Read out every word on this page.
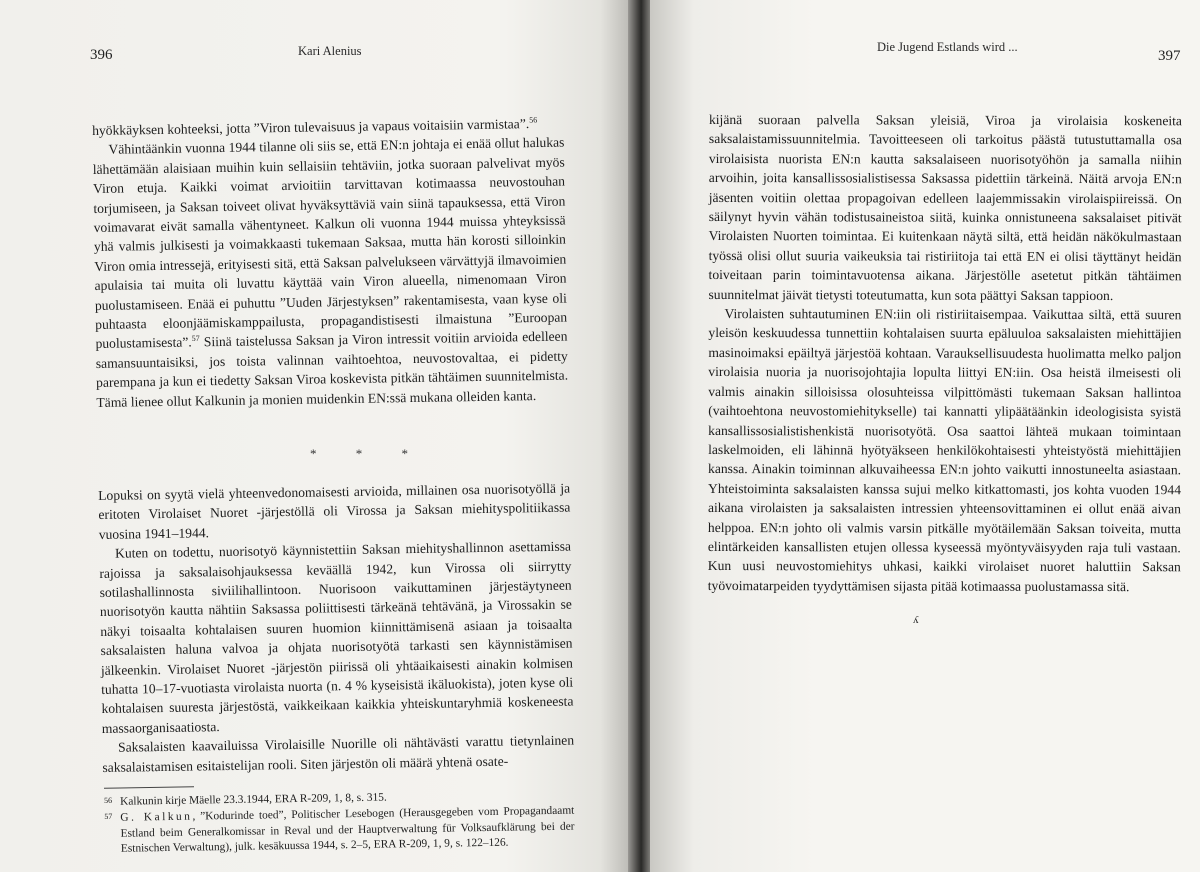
396	Kari Alenius

hyökkäyksen kohteeksi, jotta ”Viron tulevaisuus ja vapaus voitaisiin varmistaa”.$^{56}$

Vähintäänkin vuonna 1944 tilanne oli siis se, että EN:n johtaja ei enää ollut halukas lähettämään alaisiaan muihin kuin sellaisiin tehtäviin, jotka suoraan palvelivat myös Viron etuja. Kaikki voimat arvioitiin tarvittavan kotimaassa neuvostouhan torjumiseen, ja Saksan toiveet olivat hyväksyttäviä vain siinä tapauksessa, että Viron voimavarat eivät samalla vähentyneet. Kalkun oli vuonna 1944 muissa yhteyksissä yhä valmis julkisesti ja voimakkaasti tukemaan Saksaa, mutta hän korosti silloinkin Viron omia intressejä, erityisesti sitä, että Saksan palvelukseen värvättyjä ilmavoimien apulaisia tai muita oli luvattu käyttää vain Viron alueella, nimenomaan Viron puolustamiseen. Enää ei puhuttu ”Uuden Järjestyksen” rakentamisesta, vaan kyse oli puhtaasta eloonjäämiskamppailusta, propagandistisesti ilmaistuna ”Euroopan puolustamisesta”.$^{57}$ Siinä taistelussa Saksan ja Viron intressit voitiin arvioida edelleen samansuuntaisiksi, jos toista valinnan vaihtoehtoa, neuvostovaltaa, ei pidetty parempana ja kun ei tiedetty Saksan Viroa koskevista pitkän tähtäimen suunnitelmista. Tämä lienee ollut Kalkunin ja monien muidenkin EN:ssä mukana olleiden kanta.

* * *

Lopuksi on syytä vielä yhteenvedonomaisesti arvioida, millainen osa nuorisotyöllä ja eritoten Virolaiset Nuoret -järjestöllä oli Virossa ja Saksan miehityspolitiikassa vuosina 1941–1944.

Kuten on todettu, nuorisotyö käynnistettiin Saksan miehityshallinnon asettamissa rajoissa ja saksalaisohjauksessa keväällä 1942, kun Virossa oli siirrytty sotilashallinnosta siviilihallintoon. Nuorisoon vaikuttaminen järjestäytyneen nuorisotyön kautta nähtiin Saksassa poliittisesti tärkeänä tehtävänä, ja Virossakin se näkyi toisaalta kohtalaisen suuren huomion kiinnittämisenä asiaan ja toisaalta saksalaisten haluna valvoa ja ohjata nuorisotyötä tarkasti sen käynnistämisen jälkeenkin. Virolaiset Nuoret -järjestön piirissä oli yhtäaikaisesti ainakin kolmisen tuhatta 10–17-vuotiasta virolaista nuorta (n. 4 % kyseisistä ikäluokista), joten kyse oli kohtalaisen suuresta järjestöstä, vaikkeikaan kaikkia yhteiskuntaryhmiä koskeneesta massaorganisaatiosta.

Saksalaisten kaavailuissa Virolaisille Nuorille oli nähtävästi varattu tietynlainen saksalaistamisen esitaistelijan rooli. Siten järjestön oli määrä yhtenä osate-

56 Kalkunin kirje Mäelle 23.3.1944, ERA R-209, 1, 8, s. 315.
57 G. Kalkun, ”Kodurinde toed”, Politischer Lesebogen (Herausgegeben vom Propagandaamt Estland beim Generalkomissar in Reval und der Hauptverwaltung für Volksaufklärung bei der Estnischen Verwaltung), julk. kesäkuussa 1944, s. 2–5, ERA R-209, 1, 9, s. 122–126.
Die Jugend Estlands wird ...
397

kijänä suoraan palvella Saksan yleisiä, Viroa ja virolaisia koskeneita saksalaistamissuunnitelmia. Tavoitteeseen oli tarkoitus päästä tutustuttamalla osa virolaisista nuorista EN:n kautta saksalaiseen nuorisotyöhön ja samalla niihin arvoihin, joita kansallissosialistisessa Saksassa pidettiin tärkeinä. Näitä arvoja EN:n jäsenten voitiin olettaa propagoivan edelleen laajemmissakin virolaispiireissä. On säilynyt hyvin vähän todistusaineistoa siitä, kuinka onnistuneena saksalaiset pitivät Virolaisten Nuorten toimintaa. Ei kuitenkaan näytä siltä, että heidän näkökulmastaan työssä olisi ollut suuria vaikeuksia tai ristiriitoja tai että EN ei olisi täyttänyt heidän toiveitaan parin toimintavuotensa aikana. Järjestölle asetetut pitkän tähtäimen suunnitelmat jäivät tietysti toteutumatta, kun sota päättyi Saksan tappioon.

Virolaisten suhtautuminen EN:iin oli ristiriitaisempaa. Vaikuttaa siltä, että suuren yleisön keskuudessa tunnettiin kohtalaisen suurta epäluuloa saksalaisten miehittäjien masinoimaksi epäiltyä järjestöä kohtaan. Varauksellisuudesta huolimatta melko paljon virolaisia nuoria ja nuorisojohtajia lopulta liittyi EN:iin. Osa heistä ilmeisesti oli valmis ainakin silloisissa olosuhteissa vilpittömästi tukemaan Saksan hallintoa (vaihtoehtona neuvostomiehitykselle) tai kannatti ylipäätäänkin ideologisista syistä kansallissosialistishenkistä nuorisotyötä. Osa saattoi lähteä mukaan toimintaan laskelmoiden, eli lähinnä hyötyäkseen henkilökohtaisesti yhteistyöstä miehittäjien kanssa. Ainakin toiminnan alkuvaiheessa EN:n johto vaikutti innostuneelta asiastaan. Yhteistoiminta saksalaisten kanssa sujui melko kitkattomasti, jos kohta vuoden 1944 aikana virolaisten ja saksalaisten intressien yhteensovittaminen ei ollut enää aivan helppoa. EN:n johto oli valmis varsin pitkälle myötäilemään Saksan toiveita, mutta elintärkeiden kansallisten etujen ollessa kyseessä myöntyväisyyden raja tuli vastaan. Kun uusi neuvostomiehitys uhkasi, kaikki virolaiset nuoret haluttiin Saksan työvoimatarpeiden tyydyttämisen sijasta pitää kotimaassa puolustamassa sitä.

ʎ
